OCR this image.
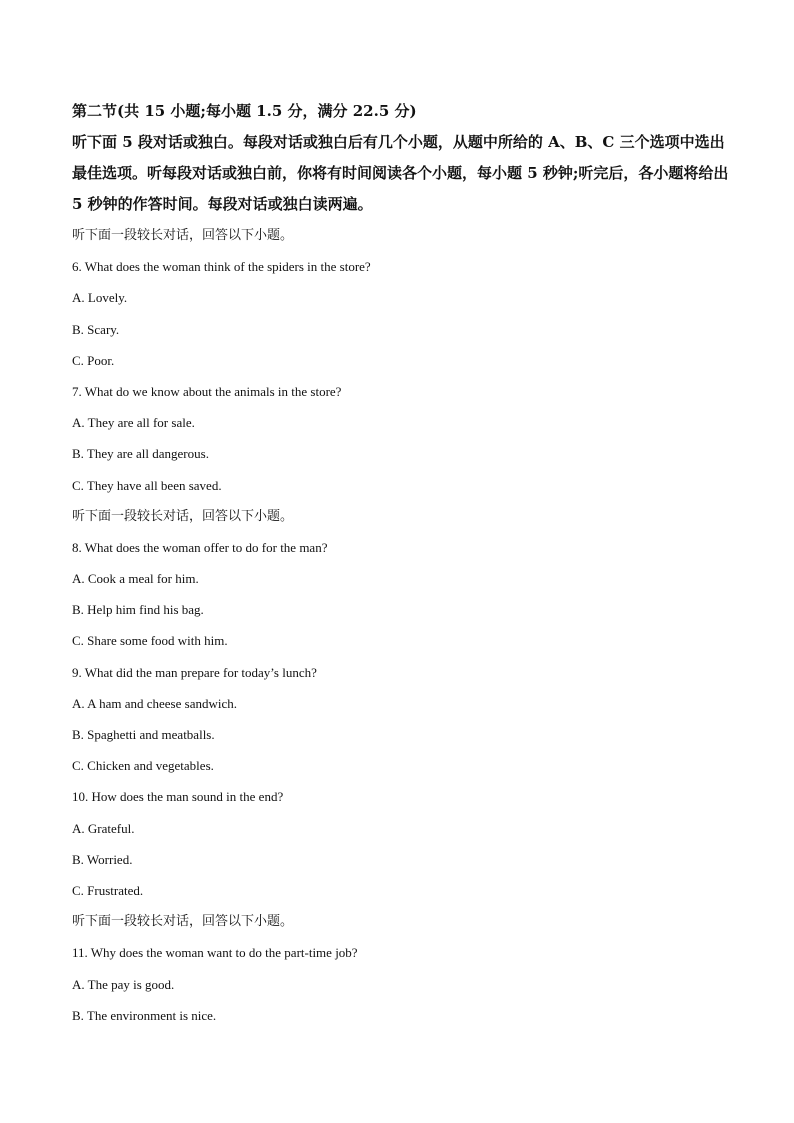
第二节(共 15 小题;每小题 1.5 分，满分 22.5 分)

听下面 5 段对话或独白。每段对话或独白后有几个小题，从题中所给的 A、B、C 三个选项中选出最佳选项。听每段对话或独白前，你将有时间阅读各个小题，每小题 5 秒钟;听完后，各小题将给出 5 秒钟的作答时间。每段对话或独白读两遍。

听下面一段较长对话，回答以下小题。

6. What does the woman think of the spiders in the store?

A. Lovely.

B. Scary.

C. Poor.

7. What do we know about the animals in the store?

A. They are all for sale.

B. They are all dangerous.

C. They have all been saved.

听下面一段较长对话，回答以下小题。

8. What does the woman offer to do for the man?

A. Cook a meal for him.

B. Help him find his bag.

C. Share some food with him.

9. What did the man prepare for today’s lunch?

A. A ham and cheese sandwich.

B. Spaghetti and meatballs.

C. Chicken and vegetables.

10. How does the man sound in the end?

A. Grateful.

B. Worried.

C. Frustrated.

听下面一段较长对话，回答以下小题。

11. Why does the woman want to do the part-time job?

A. The pay is good.

B. The environment is nice.
